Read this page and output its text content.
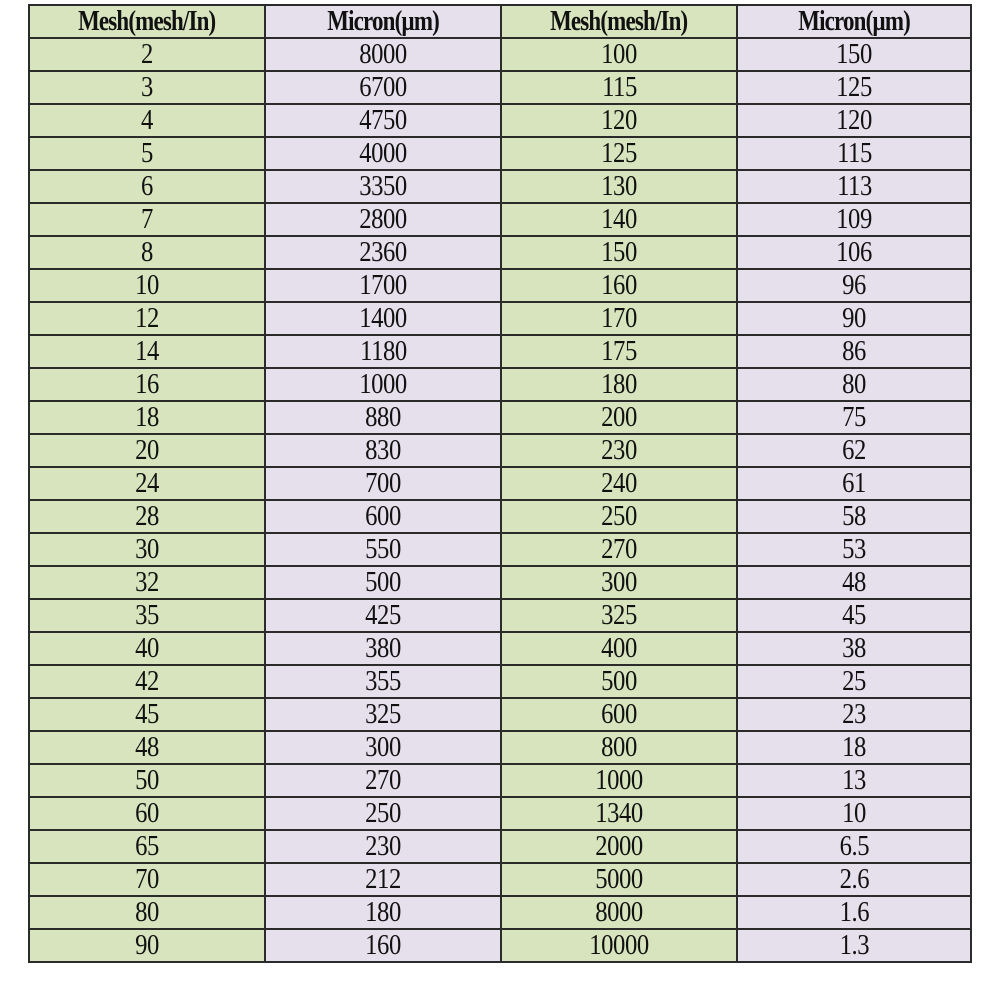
Mesh(mesh/In)	Micron(µm)	Mesh(mesh/In)	Micron(µm)
2	8000	100	150
3	6700	115	125
4	4750	120	120
5	4000	125	115
6	3350	130	113
7	2800	140	109
8	2360	150	106
10	1700	160	96
12	1400	170	90
14	1180	175	86
16	1000	180	80
18	880	200	75
20	830	230	62
24	700	240	61
28	600	250	58
30	550	270	53
32	500	300	48
35	425	325	45
40	380	400	38
42	355	500	25
45	325	600	23
48	300	800	18
50	270	1000	13
60	250	1340	10
65	230	2000	6.5
70	212	5000	2.6
80	180	8000	1.6
90	160	10000	1.3
